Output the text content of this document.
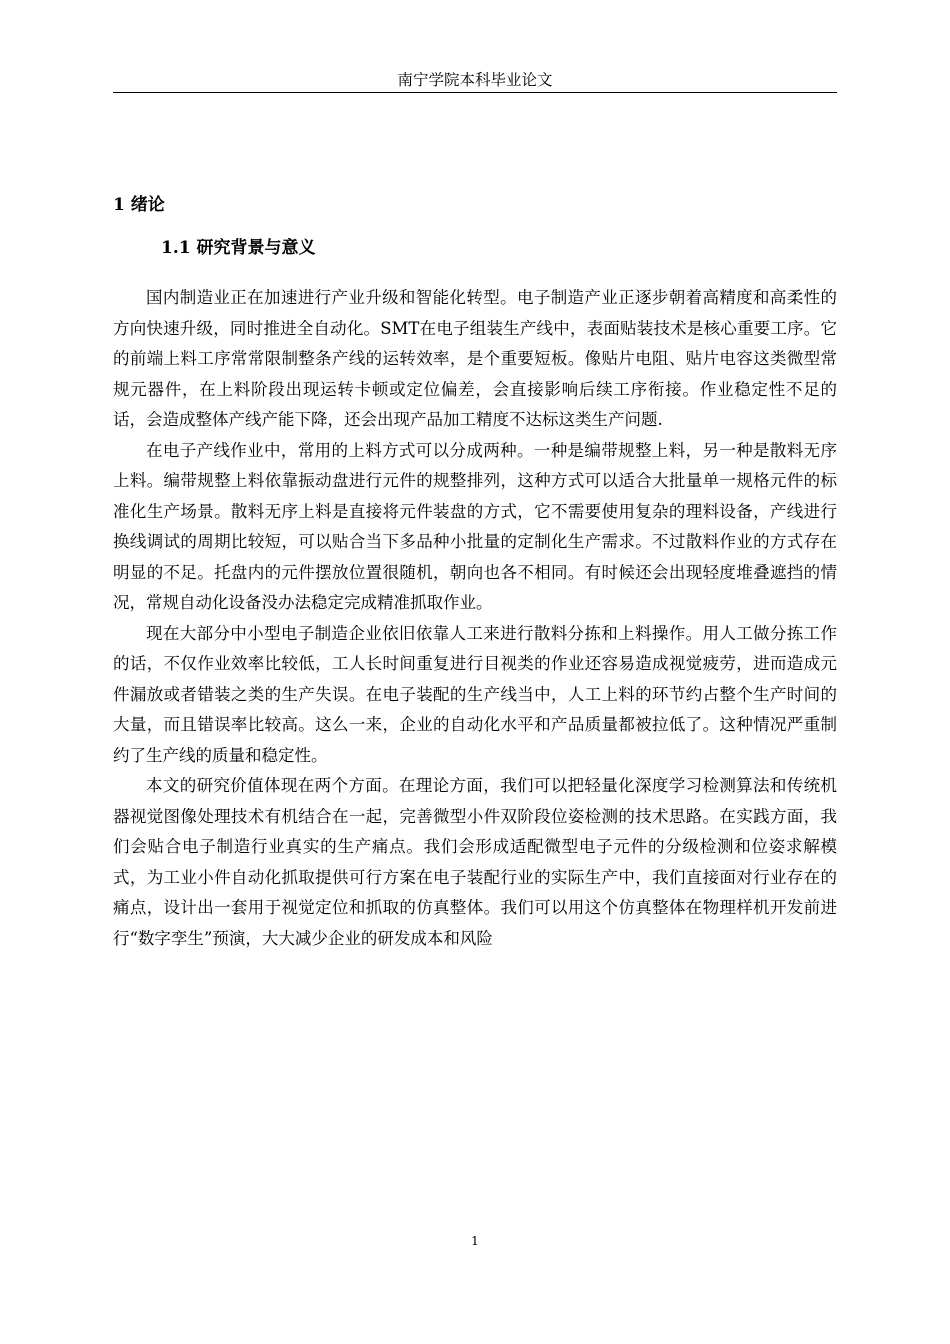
南宁学院本科毕业论文
1 绪论
1.1 研究背景与意义

国内制造业正在加速进行产业升级和智能化转型。电子制造产业正逐步朝着高精度和高柔性的方向快速升级，同时推进全自动化。SMT在电子组装生产线中，表面贴装技术是核心重要工序。它的前端上料工序常常限制整条产线的运转效率，是个重要短板。像贴片电阻、贴片电容这类微型常规元器件，在上料阶段出现运转卡顿或定位偏差，会直接影响后续工序衔接。作业稳定性不足的话，会造成整体产线产能下降，还会出现产品加工精度不达标这类生产问题.

在电子产线作业中，常用的上料方式可以分成两种。一种是编带规整上料，另一种是散料无序上料。编带规整上料依靠振动盘进行元件的规整排列，这种方式可以适合大批量单一规格元件的标准化生产场景。散料无序上料是直接将元件装盘的方式，它不需要使用复杂的理料设备，产线进行换线调试的周期比较短，可以贴合当下多品种小批量的定制化生产需求。不过散料作业的方式存在明显的不足。托盘内的元件摆放位置很随机，朝向也各不相同。有时候还会出现轻度堆叠遮挡的情况，常规自动化设备没办法稳定完成精准抓取作业。

现在大部分中小型电子制造企业依旧依靠人工来进行散料分拣和上料操作。用人工做分拣工作的话，不仅作业效率比较低，工人长时间重复进行目视类的作业还容易造成视觉疲劳，进而造成元件漏放或者错装之类的生产失误。在电子装配的生产线当中，人工上料的环节约占整个生产时间的大量，而且错误率比较高。这么一来，企业的自动化水平和产品质量都被拉低了。这种情况严重制约了生产线的质量和稳定性。

本文的研究价值体现在两个方面。在理论方面，我们可以把轻量化深度学习检测算法和传统机器视觉图像处理技术有机结合在一起，完善微型小件双阶段位姿检测的技术思路。在实践方面，我们会贴合电子制造行业真实的生产痛点。我们会形成适配微型电子元件的分级检测和位姿求解模式，为工业小件自动化抓取提供可行方案在电子装配行业的实际生产中，我们直接面对行业存在的痛点，设计出一套用于视觉定位和抓取的仿真整体。我们可以用这个仿真整体在物理样机开发前进行“数字孪生”预演，大大减少企业的研发成本和风险

1
